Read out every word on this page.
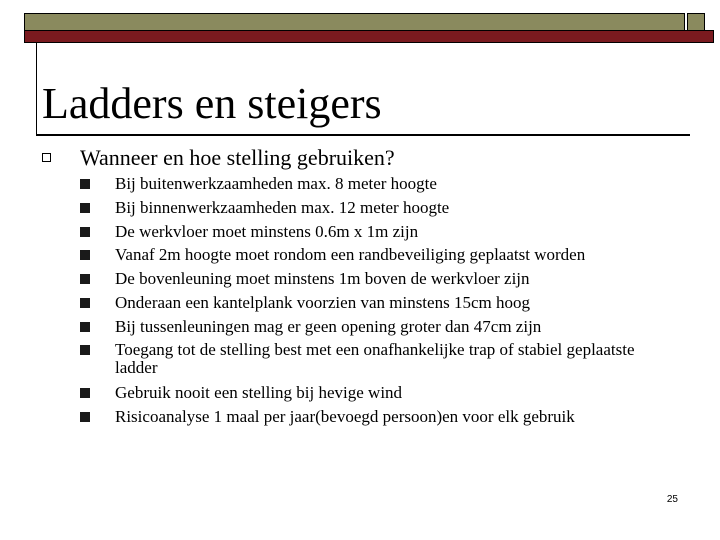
Ladders en steigers
Wanneer en hoe stelling gebruiken?
Bij buitenwerkzaamheden max. 8 meter hoogte
Bij binnenwerkzaamheden max. 12 meter hoogte
De werkvloer moet minstens 0.6m x 1m zijn
Vanaf 2m hoogte moet rondom een randbeveiliging geplaatst worden
De bovenleuning moet minstens 1m boven de werkvloer zijn
Onderaan een kantelplank voorzien van minstens 15cm hoog
Bij tussenleuningen mag er geen opening groter dan 47cm zijn
Toegang tot de stelling best met een onafhankelijke trap of stabiel geplaatste ladder
Gebruik nooit een stelling bij hevige wind
Risicoanalyse 1 maal per jaar(bevoegd persoon)en voor elk gebruik
25
